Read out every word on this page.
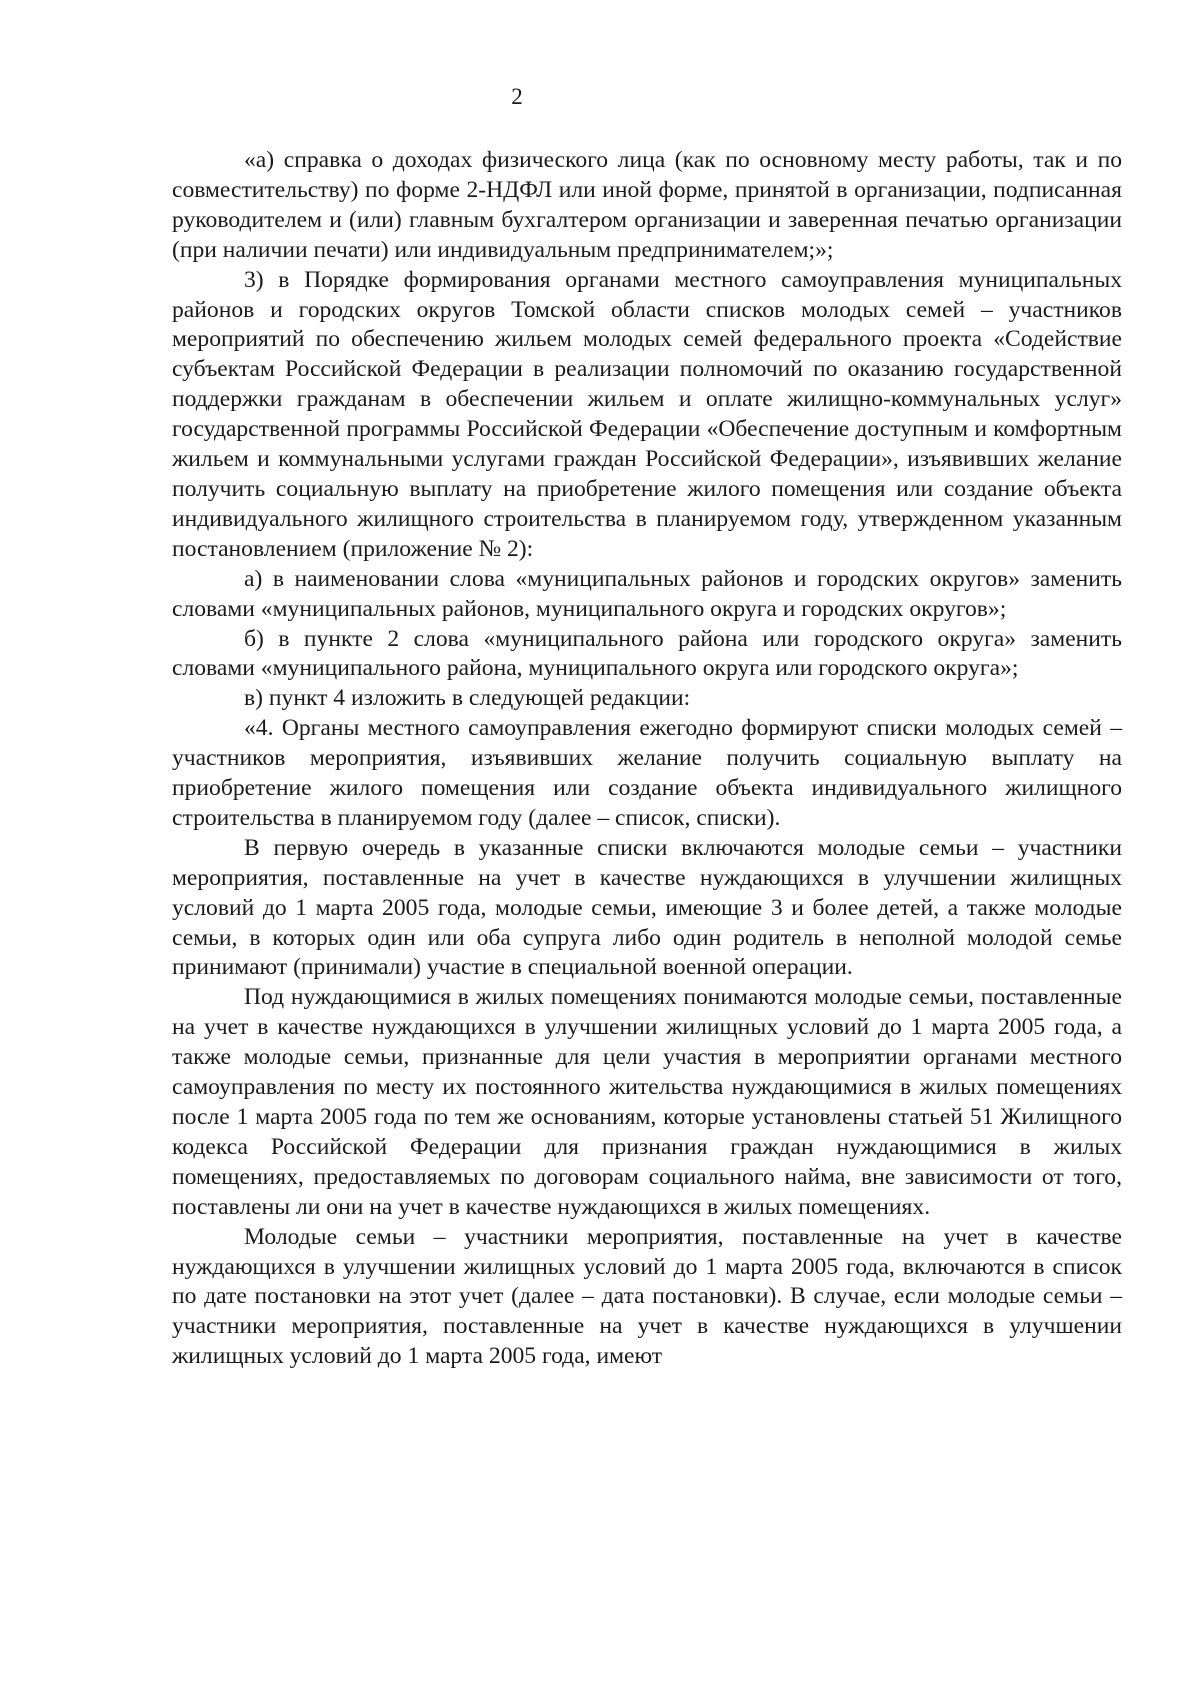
2

«а) справка о доходах физического лица (как по основному месту работы, так и по совместительству) по форме 2-НДФЛ или иной форме, принятой в организации, подписанная руководителем и (или) главным бухгалтером организации и заверенная печатью организации (при наличии печати) или индивидуальным предпринимателем;»;

3) в Порядке формирования органами местного самоуправления муниципальных районов и городских округов Томской области списков молодых семей – участников мероприятий по обеспечению жильем молодых семей федерального проекта «Содействие субъектам Российской Федерации в реализации полномочий по оказанию государственной поддержки гражданам в обеспечении жильем и оплате жилищно-коммунальных услуг» государственной программы Российской Федерации «Обеспечение доступным и комфортным жильем и коммунальными услугами граждан Российской Федерации», изъявивших желание получить социальную выплату на приобретение жилого помещения или создание объекта индивидуального жилищного строительства в планируемом году, утвержденном указанным постановлением (приложение № 2):

а) в наименовании слова «муниципальных районов и городских округов» заменить словами «муниципальных районов, муниципального округа и городских округов»;

б) в пункте 2 слова «муниципального района или городского округа» заменить словами «муниципального района, муниципального округа или городского округа»;

в) пункт 4 изложить в следующей редакции:

«4. Органы местного самоуправления ежегодно формируют списки молодых семей – участников мероприятия, изъявивших желание получить социальную выплату на приобретение жилого помещения или создание объекта индивидуального жилищного строительства в планируемом году (далее – список, списки).

В первую очередь в указанные списки включаются молодые семьи – участники мероприятия, поставленные на учет в качестве нуждающихся в улучшении жилищных условий до 1 марта 2005 года, молодые семьи, имеющие 3 и более детей, а также молодые семьи, в которых один или оба супруга либо один родитель в неполной молодой семье принимают (принимали) участие в специальной военной операции.

Под нуждающимися в жилых помещениях понимаются молодые семьи, поставленные на учет в качестве нуждающихся в улучшении жилищных условий до 1 марта 2005 года, а также молодые семьи, признанные для цели участия в мероприятии органами местного самоуправления по месту их постоянного жительства нуждающимися в жилых помещениях после 1 марта 2005 года по тем же основаниям, которые установлены статьей 51 Жилищного кодекса Российской Федерации для признания граждан нуждающимися в жилых помещениях, предоставляемых по договорам социального найма, вне зависимости от того, поставлены ли они на учет в качестве нуждающихся в жилых помещениях.

Молодые семьи – участники мероприятия, поставленные на учет в качестве нуждающихся в улучшении жилищных условий до 1 марта 2005 года, включаются в список по дате постановки на этот учет (далее – дата постановки). В случае, если молодые семьи – участники мероприятия, поставленные на учет в качестве нуждающихся в улучшении жилищных условий до 1 марта 2005 года, имеют
